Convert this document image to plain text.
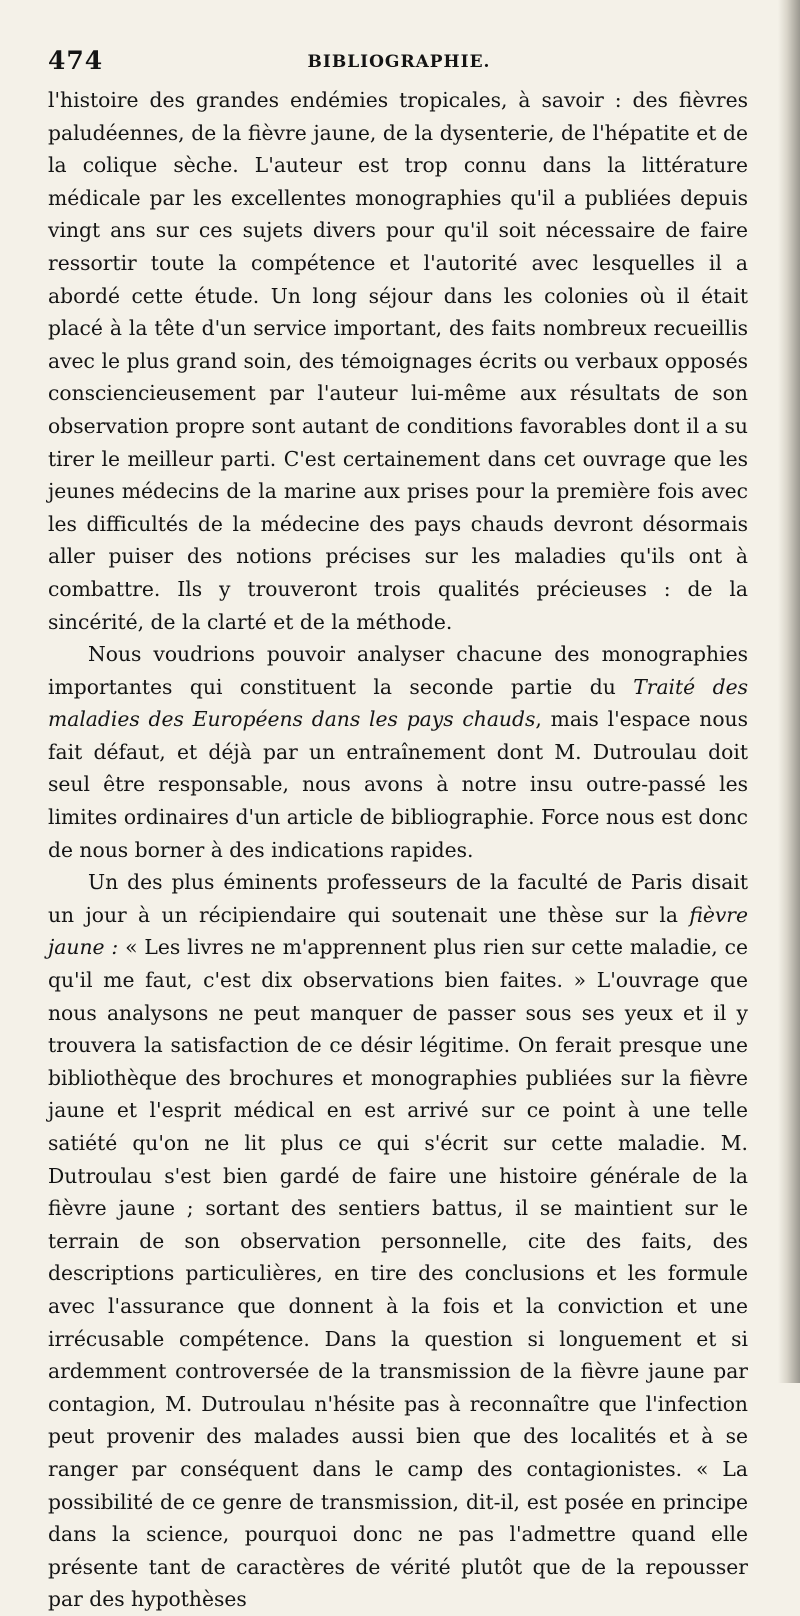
474	BIBLIOGRAPHIE.

l'histoire des grandes endémies tropicales, à savoir : des fièvres paludéennes, de la fièvre jaune, de la dysenterie, de l'hépatite et de la colique sèche. L'auteur est trop connu dans la littérature médicale par les excellentes monographies qu'il a publiées depuis vingt ans sur ces sujets divers pour qu'il soit nécessaire de faire ressortir toute la compétence et l'autorité avec lesquelles il a abordé cette étude. Un long séjour dans les colonies où il était placé à la tête d'un service important, des faits nombreux recueillis avec le plus grand soin, des témoignages écrits ou verbaux opposés consciencieusement par l'auteur lui-même aux résultats de son observation propre sont autant de conditions favorables dont il a su tirer le meilleur parti. C'est certainement dans cet ouvrage que les jeunes médecins de la marine aux prises pour la première fois avec les difficultés de la médecine des pays chauds devront désormais aller puiser des notions précises sur les maladies qu'ils ont à combattre. Ils y trouveront trois qualités précieuses : de la sincérité, de la clarté et de la méthode.

Nous voudrions pouvoir analyser chacune des monographies importantes qui constituent la seconde partie du Traité des maladies des Européens dans les pays chauds, mais l'espace nous fait défaut, et déjà par un entraînement dont M. Dutroulau doit seul être responsable, nous avons à notre insu outre-passé les limites ordinaires d'un article de bibliographie. Force nous est donc de nous borner à des indications rapides.

Un des plus éminents professeurs de la faculté de Paris disait un jour à un récipiendaire qui soutenait une thèse sur la fièvre jaune : « Les livres ne m'apprennent plus rien sur cette maladie, ce qu'il me faut, c'est dix observations bien faites. » L'ouvrage que nous analysons ne peut manquer de passer sous ses yeux et il y trouvera la satisfaction de ce désir légitime. On ferait presque une bibliothèque des brochures et monographies publiées sur la fièvre jaune et l'esprit médical en est arrivé sur ce point à une telle satiété qu'on ne lit plus ce qui s'écrit sur cette maladie. M. Dutroulau s'est bien gardé de faire une histoire générale de la fièvre jaune ; sortant des sentiers battus, il se maintient sur le terrain de son observation personnelle, cite des faits, des descriptions particulières, en tire des conclusions et les formule avec l'assurance que donnent à la fois et la conviction et une irrécusable compétence. Dans la question si longuement et si ardemment controversée de la transmission de la fièvre jaune par contagion, M. Dutroulau n'hésite pas à reconnaître que l'infection peut provenir des malades aussi bien que des localités et à se ranger par conséquent dans le camp des contagionistes. « La possibilité de ce genre de transmission, dit-il, est posée en principe dans la science, pourquoi donc ne pas l'admettre quand elle présente tant de caractères de vérité plutôt que de la repousser par des hypothèses
